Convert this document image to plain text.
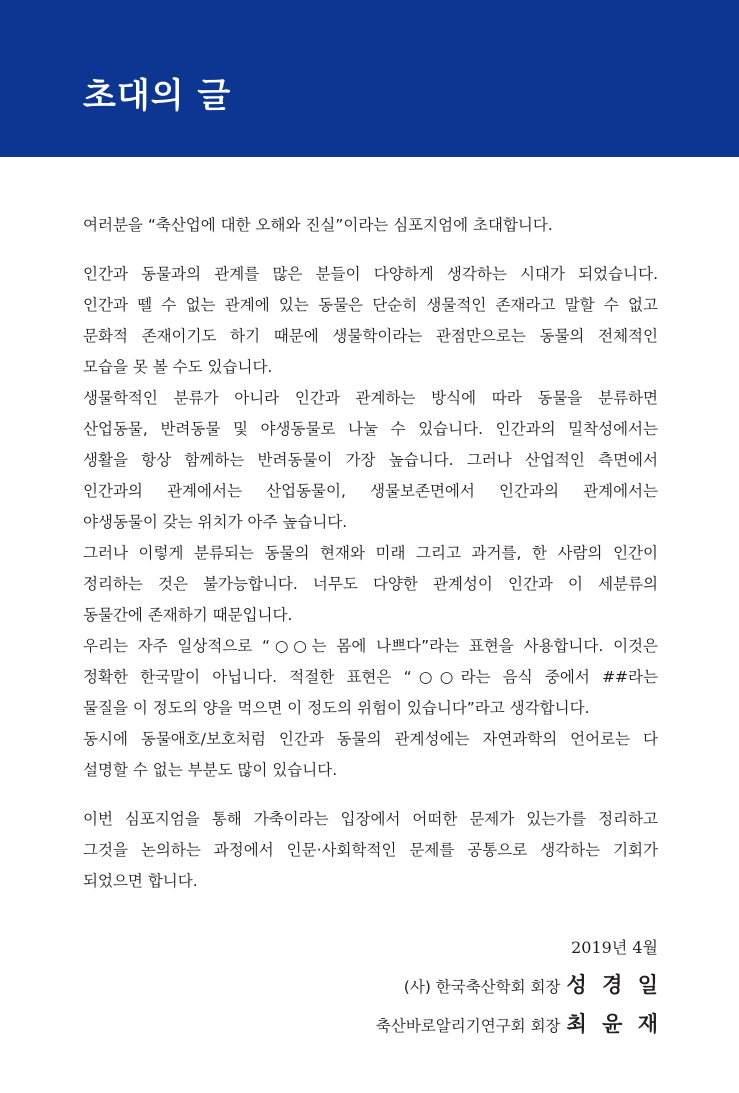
초대의 글

여러분을 “축산업에 대한 오해와 진실”이라는 심포지엄에 초대합니다.

인간과 동물과의 관계를 많은 분들이 다양하게 생각하는 시대가 되었습니다.
인간과 뗄 수 없는 관계에 있는 동물은 단순히 생물적인 존재라고 말할 수 없고
문화적 존재이기도 하기 때문에 생물학이라는 관점만으로는 동물의 전체적인
모습을 못 볼 수도 있습니다.
생물학적인 분류가 아니라 인간과 관계하는 방식에 따라 동물을 분류하면
산업동물, 반려동물 및 야생동물로 나눌 수 있습니다. 인간과의 밀착성에서는
생활을 항상 함께하는 반려동물이 가장 높습니다. 그러나 산업적인 측면에서
인간과의 관계에서는 산업동물이, 생물보존면에서 인간과의 관계에서는
야생동물이 갖는 위치가 아주 높습니다.
그러나 이렇게 분류되는 동물의 현재와 미래 그리고 과거를, 한 사람의 인간이
정리하는 것은 불가능합니다. 너무도 다양한 관계성이 인간과 이 세분류의
동물간에 존재하기 때문입니다.
우리는 자주 일상적으로 “○○는 몸에 나쁘다”라는 표현을 사용합니다. 이것은
정확한 한국말이 아닙니다. 적절한 표현은 “○○라는 음식 중에서 ##라는
물질을 이 정도의 양을 먹으면 이 정도의 위험이 있습니다”라고 생각합니다.
동시에 동물애호/보호처럼 인간과 동물의 관계성에는 자연과학의 언어로는 다
설명할 수 없는 부분도 많이 있습니다.

이번 심포지엄을 통해 가축이라는 입장에서 어떠한 문제가 있는가를 정리하고
그것을 논의하는 과정에서 인문·사회학적인 문제를 공통으로 생각하는 기회가
되었으면 합니다.

2019년 4월
(사) 한국축산학회 회장 성 경 일
축산바로알리기연구회 회장 최 윤 재
